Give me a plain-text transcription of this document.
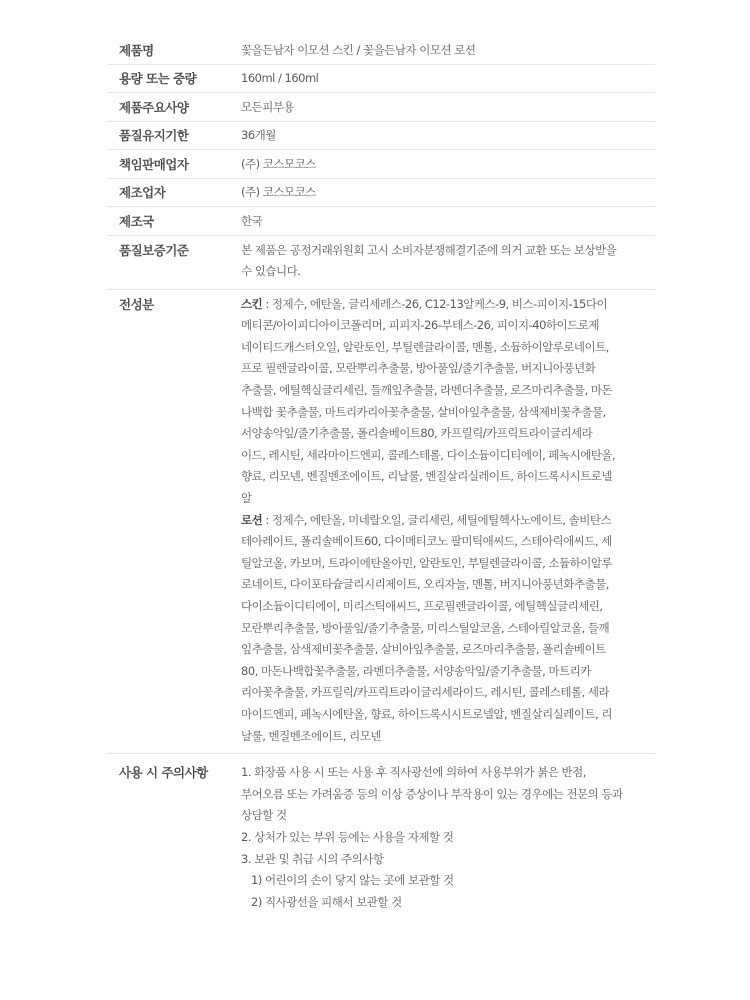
제품명	꽃을든남자 이모션 스킨 / 꽃을든남자 이모션 로션
용량 또는 중량	160ml / 160ml
제품주요사양	모든피부용
품질유지기한	36개월
책임판매업자	(주) 코스모코스
제조업자	(주) 코스모코스
제조국	한국
품질보증기준	본 제품은 공정거래위원회 고시 소비자분쟁해결기준에 의거 교환 또는 보상받을

수 있습니다.

전성분	스킨 : 정제수, 에탄올, 글리세레스-26, C12-13알케스-9, 비스-피이지-15다이

메티콘/아이피디아이코폴리머, 피피지-26-부테스-26, 피이지-40하이드로제

네이티드캐스터오일, 알란토인, 부틸렌글라이콜, 멘톨, 소듐하이알루로네이트,

프로 필렌글라이콜, 모란뿌리추출물, 방아풀잎/줄기추출물, 버지니아풍년화

추출물, 에틸헥실글리세린, 들깨잎추출물, 라벤더추출물, 로즈마리추출물, 마돈

나백합 꽃추출물, 마트리카리아꽃추출물, 살비아잎추출물, 삼색제비꽃추출물,

서양송악잎/줄기추출물, 폴리솔베이트80, 카프릴릭/카프릭트라이글리세라

이드, 레시틴, 세라마이드엔피, 콜레스테롤, 다이소듐이디티에이, 페녹시에탄올,

향료, 리모넨, 벤질벤조에이트, 리날룰, 벤질살리실레이트, 하이드록시시트로넬

알

로션 : 정제수, 에탄올, 미네랄오일, 글리세린, 세틸에틸헥사노에이트, 솔비탄스

테아레이트, 폴리솔베이트60, 다이메티코노 팔미틱애씨드, 스테아릭애씨드, 세

틸알코올, 카보머, 트라이에탄올아민, 알란토인, 부틸렌글라이콜, 소듐하이알루

로네이트, 다이포타슘글리시리제이트, 오리자놀, 멘톨, 버지니아풍년화추출물,

다이소듐이디티에이, 미리스틱애씨드, 프로필렌글라이콜, 에틸헥실글리세린,

모란뿌리추출물, 방아풀잎/줄기추출물, 미리스틸알코올, 스테아릴알코올, 들깨

잎추출물, 삼색제비꽃추출물, 살비아잎추출물, 로즈마리추출물, 폴리솔베이트

80, 마돈나백합꽃추출물, 라벤더추출물, 서양송악잎/줄기추출물, 마트리카

리아꽃추출물, 카프릴릭/카프릭트라이글리세라이드, 레시틴, 콜레스테롤, 세라

마이드엔피, 페녹시에탄올, 향료, 하이드록시시트로넬알, 벤질살리실레이트, 리

날룰, 벤질벤조에이트, 리모넨

사용 시 주의사항	1. 화장품 사용 시 또는 사용 후 직사광선에 의하여 사용부위가 붉은 반점,
부어오름 또는 가려움증 등의 이상 증상이나 부작용이 있는 경우에는 전문의 등과
상담할 것
2. 상처가 있는 부위 등에는 사용을 자제할 것
3. 보관 및 취급 시의 주의사항
1) 어린이의 손이 닿지 않는 곳에 보관할 것
2) 직사광선을 피해서 보관할 것
